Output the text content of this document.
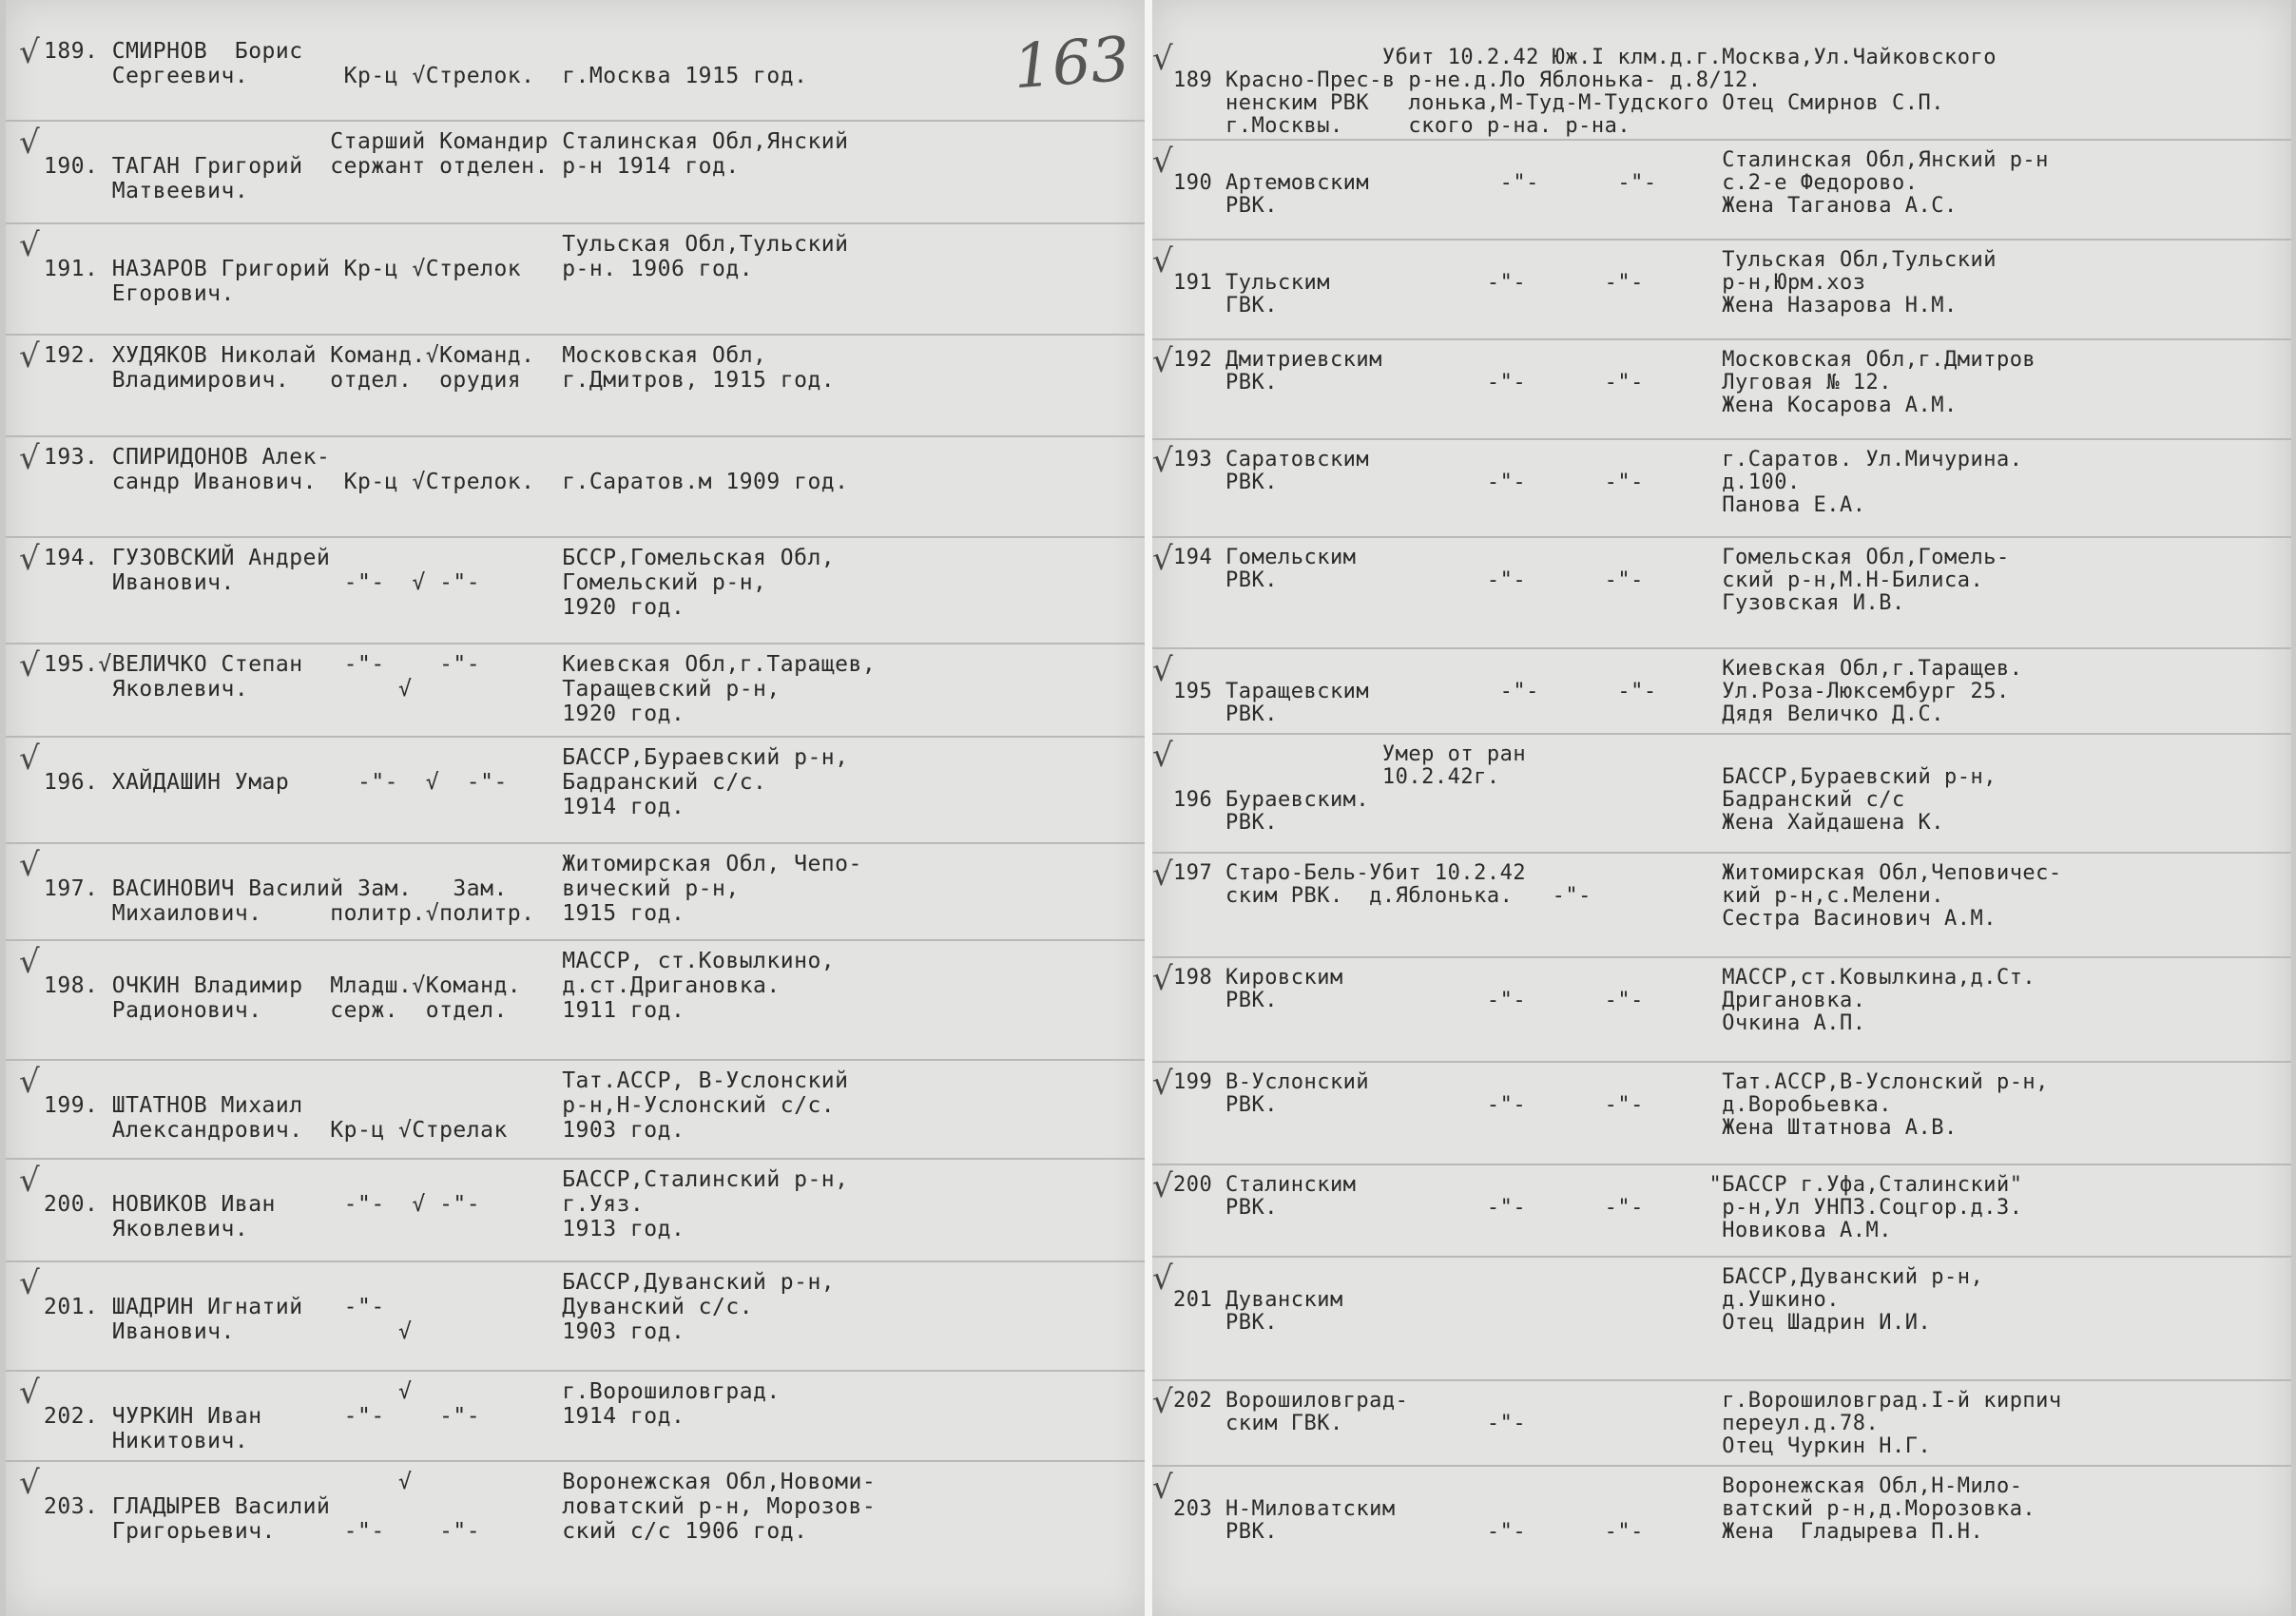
√ 189. СМИРНОВ  Борис
Сергеевич.       Кр-ц √Стрелок.  г.Москва 1915 год.
√ Старший Командир Сталинская Обл,Янский
190. ТАГАН Григорий  сержант отделен. р-н 1914 год.
Матвеевич.
√ Тульская Обл,Тульский
191. НАЗАРОВ Григорий Кр-ц √Стрелок   р-н. 1906 год.
Егорович.
√ 192. ХУДЯКОВ Николай Команд.√Команд.  Московская Обл,
Владимирович.   отдел.  орудия   г.Дмитров, 1915 год.
√ 193. СПИРИДОНОВ Алек-
сандр Иванович.  Кр-ц √Стрелок.  г.Саратов.м 1909 год.
√ 194. ГУЗОВСКИЙ Андрей                 БССР,Гомельская Обл,
Иванович.        -"-  √ -"-      Гомельский р-н,
1920 год.
√ 195.√ВЕЛИЧКО Степан   -"-    -"-      Киевская Обл,г.Таращев,
Яковлевич.           √           Таращевский р-н,
1920 год.
√ БАССР,Бураевский р-н,
196. ХАЙДАШИН Умар     -"-  √  -"-    Бадранский с/с.
1914 год.
√ Житомирская Обл, Чепо-
197. ВАСИНОВИЧ Василий Зам.   Зам.    вический р-н,
Михаилович.     политр.√политр.  1915 год.
√ МАССР, ст.Ковылкино,
198. ОЧКИН Владимир  Младш.√Команд.   д.ст.Дригановка.
Радионович.     серж.  отдел.    1911 год.
√ Тат.АССР, В-Услонский
199. ШТАТНОВ Михаил                   р-н,Н-Услонский с/с.
Александрович.  Кр-ц √Стрелак    1903 год.
√ БАССР,Сталинский р-н,
200. НОВИКОВ Иван     -"-  √ -"-      г.Уяз.
Яковлевич.                       1913 год.
√ БАССР,Дуванский р-н,
201. ШАДРИН Игнатий   -"-             Дуванский с/с.
Иванович.            √           1903 год.
√ √           г.Ворошиловград.
202. ЧУРКИН Иван      -"-    -"-      1914 год.
Никитович.
√ √           Воронежская Обл,Новоми-
203. ГЛАДЫРЕВ Василий                 ловатский р-н, Морозов-
Григорьевич.     -"-    -"-      ский с/с 1906 год.
163 √ Убит 10.2.42 Юж.I клм.д.г.Москва,Ул.Чайковского
189 Красно-Прес-в р-не.д.Ло Яблонька- д.8/12.
ненским РВК   лонька,М-Туд-М-Тудского Отец Смирнов С.П.
г.Москвы.     ского р-на. р-на.
√ Сталинская Обл,Янский р-н
190 Артемовским          -"-      -"-     с.2-е Федорово.
РВК.                                  Жена Таганова А.С.
√ Тульская Обл,Тульский
191 Тульским            -"-      -"-      р-н,Юрм.хоз
ГВК.                                  Жена Назарова Н.М.
√ 192 Дмитриевским                          Московская Обл,г.Дмитров
РВК.                -"-      -"-      Луговая № 12.
Жена Косарова А.М.
√ 193 Саратовским                           г.Саратов. Ул.Мичурина.
РВК.                -"-      -"-      д.100.
Панова Е.А.
√ 194 Гомельским                            Гомельская Обл,Гомель-
РВК.                -"-      -"-      ский р-н,М.Н-Билиса.
Гузовская И.В.
√ Киевская Обл,г.Таращев.
195 Таращевским          -"-      -"-     Ул.Роза-Люксембург 25.
РВК.                                  Дядя Величко Д.С.
√ Умер от ран
10.2.42г.                 БАССР,Бураевский р-н,
196 Бураевским.                           Бадранский с/с
РВК.                                  Жена Хайдашена К.
√ 197 Старо-Бель-Убит 10.2.42               Житомирская Обл,Чеповичес-
ским РВК.  д.Яблонька.   -"-          кий р-н,с.Мелени.
Сестра Васинович А.М.
√ 198 Кировским                             МАССР,ст.Ковылкина,д.Ст.
РВК.                -"-      -"-      Дригановка.
Очкина А.П.
√ 199 В-Услонский                           Тат.АССР,В-Услонский р-н,
РВК.                -"-      -"-      д.Воробьевка.
Жена Штатнова А.В.
√ 200 Сталинским                           "БАССР г.Уфа,Сталинский"
РВК.                -"-      -"-      р-н,Ул УНПЗ.Соцгор.д.3.
Новикова А.М.
√ БАССР,Дуванский р-н,
201 Дуванским                             д.Ушкино.
РВК.                                  Отец Шадрин И.И.
√ 202 Ворошиловград-                        г.Ворошиловград.I-й кирпич
ским ГВК.           -"-               переул.д.78.
Отец Чуркин Н.Г.
√ Воронежская Обл,Н-Мило-
203 Н-Миловатским                         ватский р-н,д.Морозовка.
РВК.                -"-      -"-      Жена  Гладырева П.Н.
